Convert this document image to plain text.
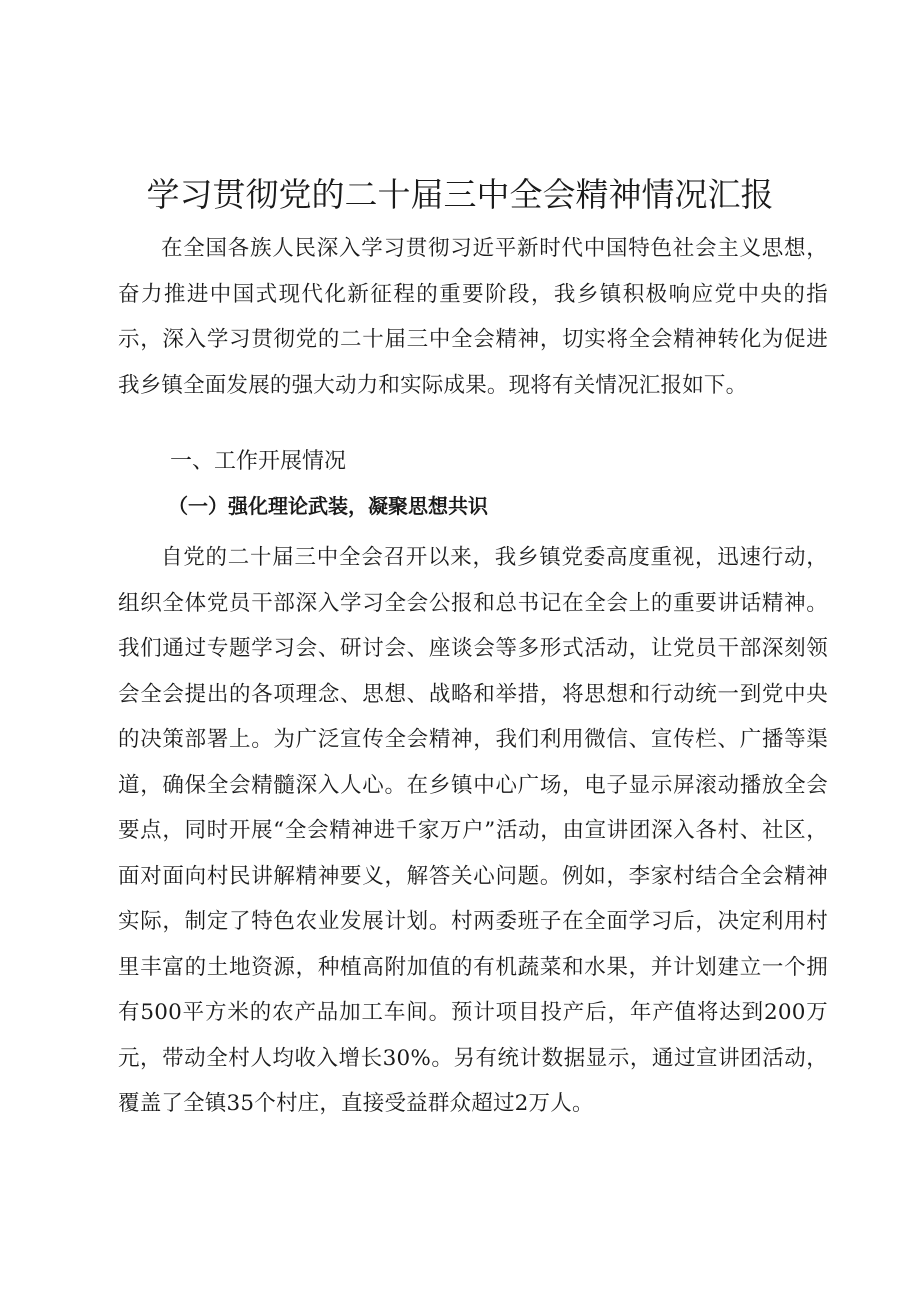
学习贯彻党的二十届三中全会精神情况汇报

在全国各族人民深入学习贯彻习近平新时代中国特色社会主义思想，奋力推进中国式现代化新征程的重要阶段，我乡镇积极响应党中央的指示，深入学习贯彻党的二十届三中全会精神，切实将全会精神转化为促进我乡镇全面发展的强大动力和实际成果。现将有关情况汇报如下。

一、工作开展情况
（一）强化理论武装，凝聚思想共识

自党的二十届三中全会召开以来，我乡镇党委高度重视，迅速行动，组织全体党员干部深入学习全会公报和总书记在全会上的重要讲话精神。我们通过专题学习会、研讨会、座谈会等多形式活动，让党员干部深刻领会全会提出的各项理念、思想、战略和举措，将思想和行动统一到党中央的决策部署上。为广泛宣传全会精神，我们利用微信、宣传栏、广播等渠道，确保全会精髓深入人心。在乡镇中心广场，电子显示屏滚动播放全会要点，同时开展“全会精神进千家万户”活动，由宣讲团深入各村、社区，面对面向村民讲解精神要义，解答关心问题。例如，李家村结合全会精神实际，制定了特色农业发展计划。村两委班子在全面学习后，决定利用村里丰富的土地资源，种植高附加值的有机蔬菜和水果，并计划建立一个拥有500平方米的农产品加工车间。预计项目投产后，年产值将达到200万元，带动全村人均收入增长30%。另有统计数据显示，通过宣讲团活动，覆盖了全镇35个村庄，直接受益群众超过2万人。
